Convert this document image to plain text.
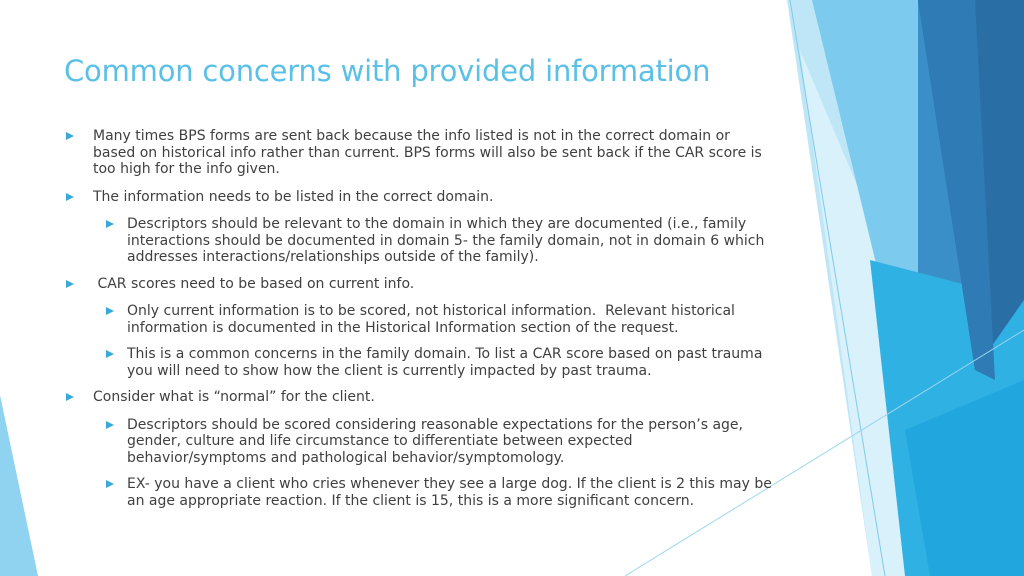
Common concerns with provided information
Many times BPS forms are sent back because the info listed is not in the correct domain or based on historical info rather than current. BPS forms will also be sent back if the CAR score is too high for the info given.
The information needs to be listed in the correct domain.
Descriptors should be relevant to the domain in which they are documented (i.e., family interactions should be documented in domain 5- the family domain, not in domain 6 which addresses interactions/relationships outside of the family).
CAR scores need to be based on current info.
Only current information is to be scored, not historical information.  Relevant historical information is documented in the Historical Information section of the request.
This is a common concerns in the family domain. To list a CAR score based on past trauma you will need to show how the client is currently impacted by past trauma.
Consider what is “normal” for the client.
Descriptors should be scored considering reasonable expectations for the person’s age, gender, culture and life circumstance to differentiate between expected behavior/symptoms and pathological behavior/symptomology.
EX- you have a client who cries whenever they see a large dog. If the client is 2 this may be an age appropriate reaction. If the client is 15, this is a more significant concern.
